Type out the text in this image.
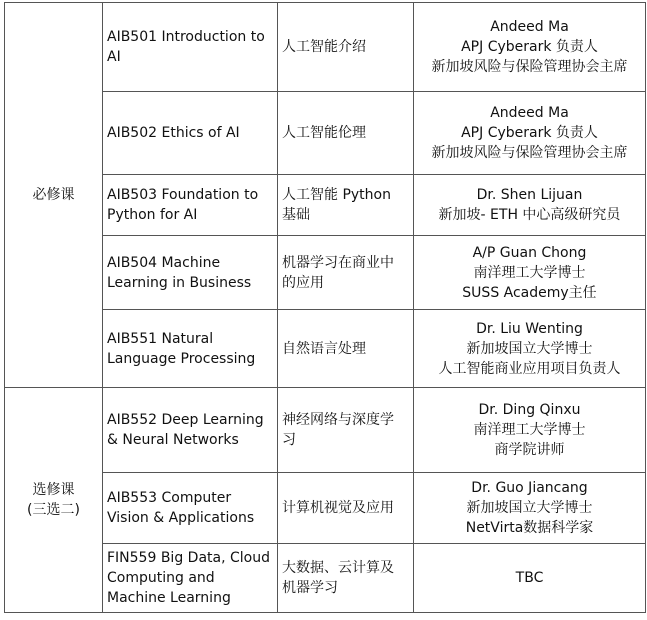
必修课	AIB501 Introduction to
AI	人工智能介绍	Andeed Ma
APJ Cyberark 负责人
新加坡风险与保险管理协会主席

	AIB502 Ethics of AI	人工智能伦理	Andeed Ma
APJ Cyberark 负责人
新加坡风险与保险管理协会主席

	AIB503 Foundation to
Python for AI	人工智能 Python
基础	Dr. Shen Lijuan
新加坡- ETH 中心高级研究员

	AIB504 Machine
Learning in Business	机器学习在商业中
的应用	A/P Guan Chong
南洋理工大学博士
SUSS Academy主任

	AIB551 Natural
Language Processing	自然语言处理	Dr. Liu Wenting
新加坡国立大学博士
人工智能商业应用项目负责人

选修课
(三选二)	AIB552 Deep Learning
& Neural Networks	神经网络与深度学
习	Dr. Ding Qinxu
南洋理工大学博士
商学院讲师

	AIB553 Computer
Vision & Applications	计算机视觉及应用	Dr. Guo Jiancang
新加坡国立大学博士
NetVirta数据科学家

	FIN559 Big Data, Cloud
Computing and
Machine Learning	大数据、云计算及
机器学习	TBC
